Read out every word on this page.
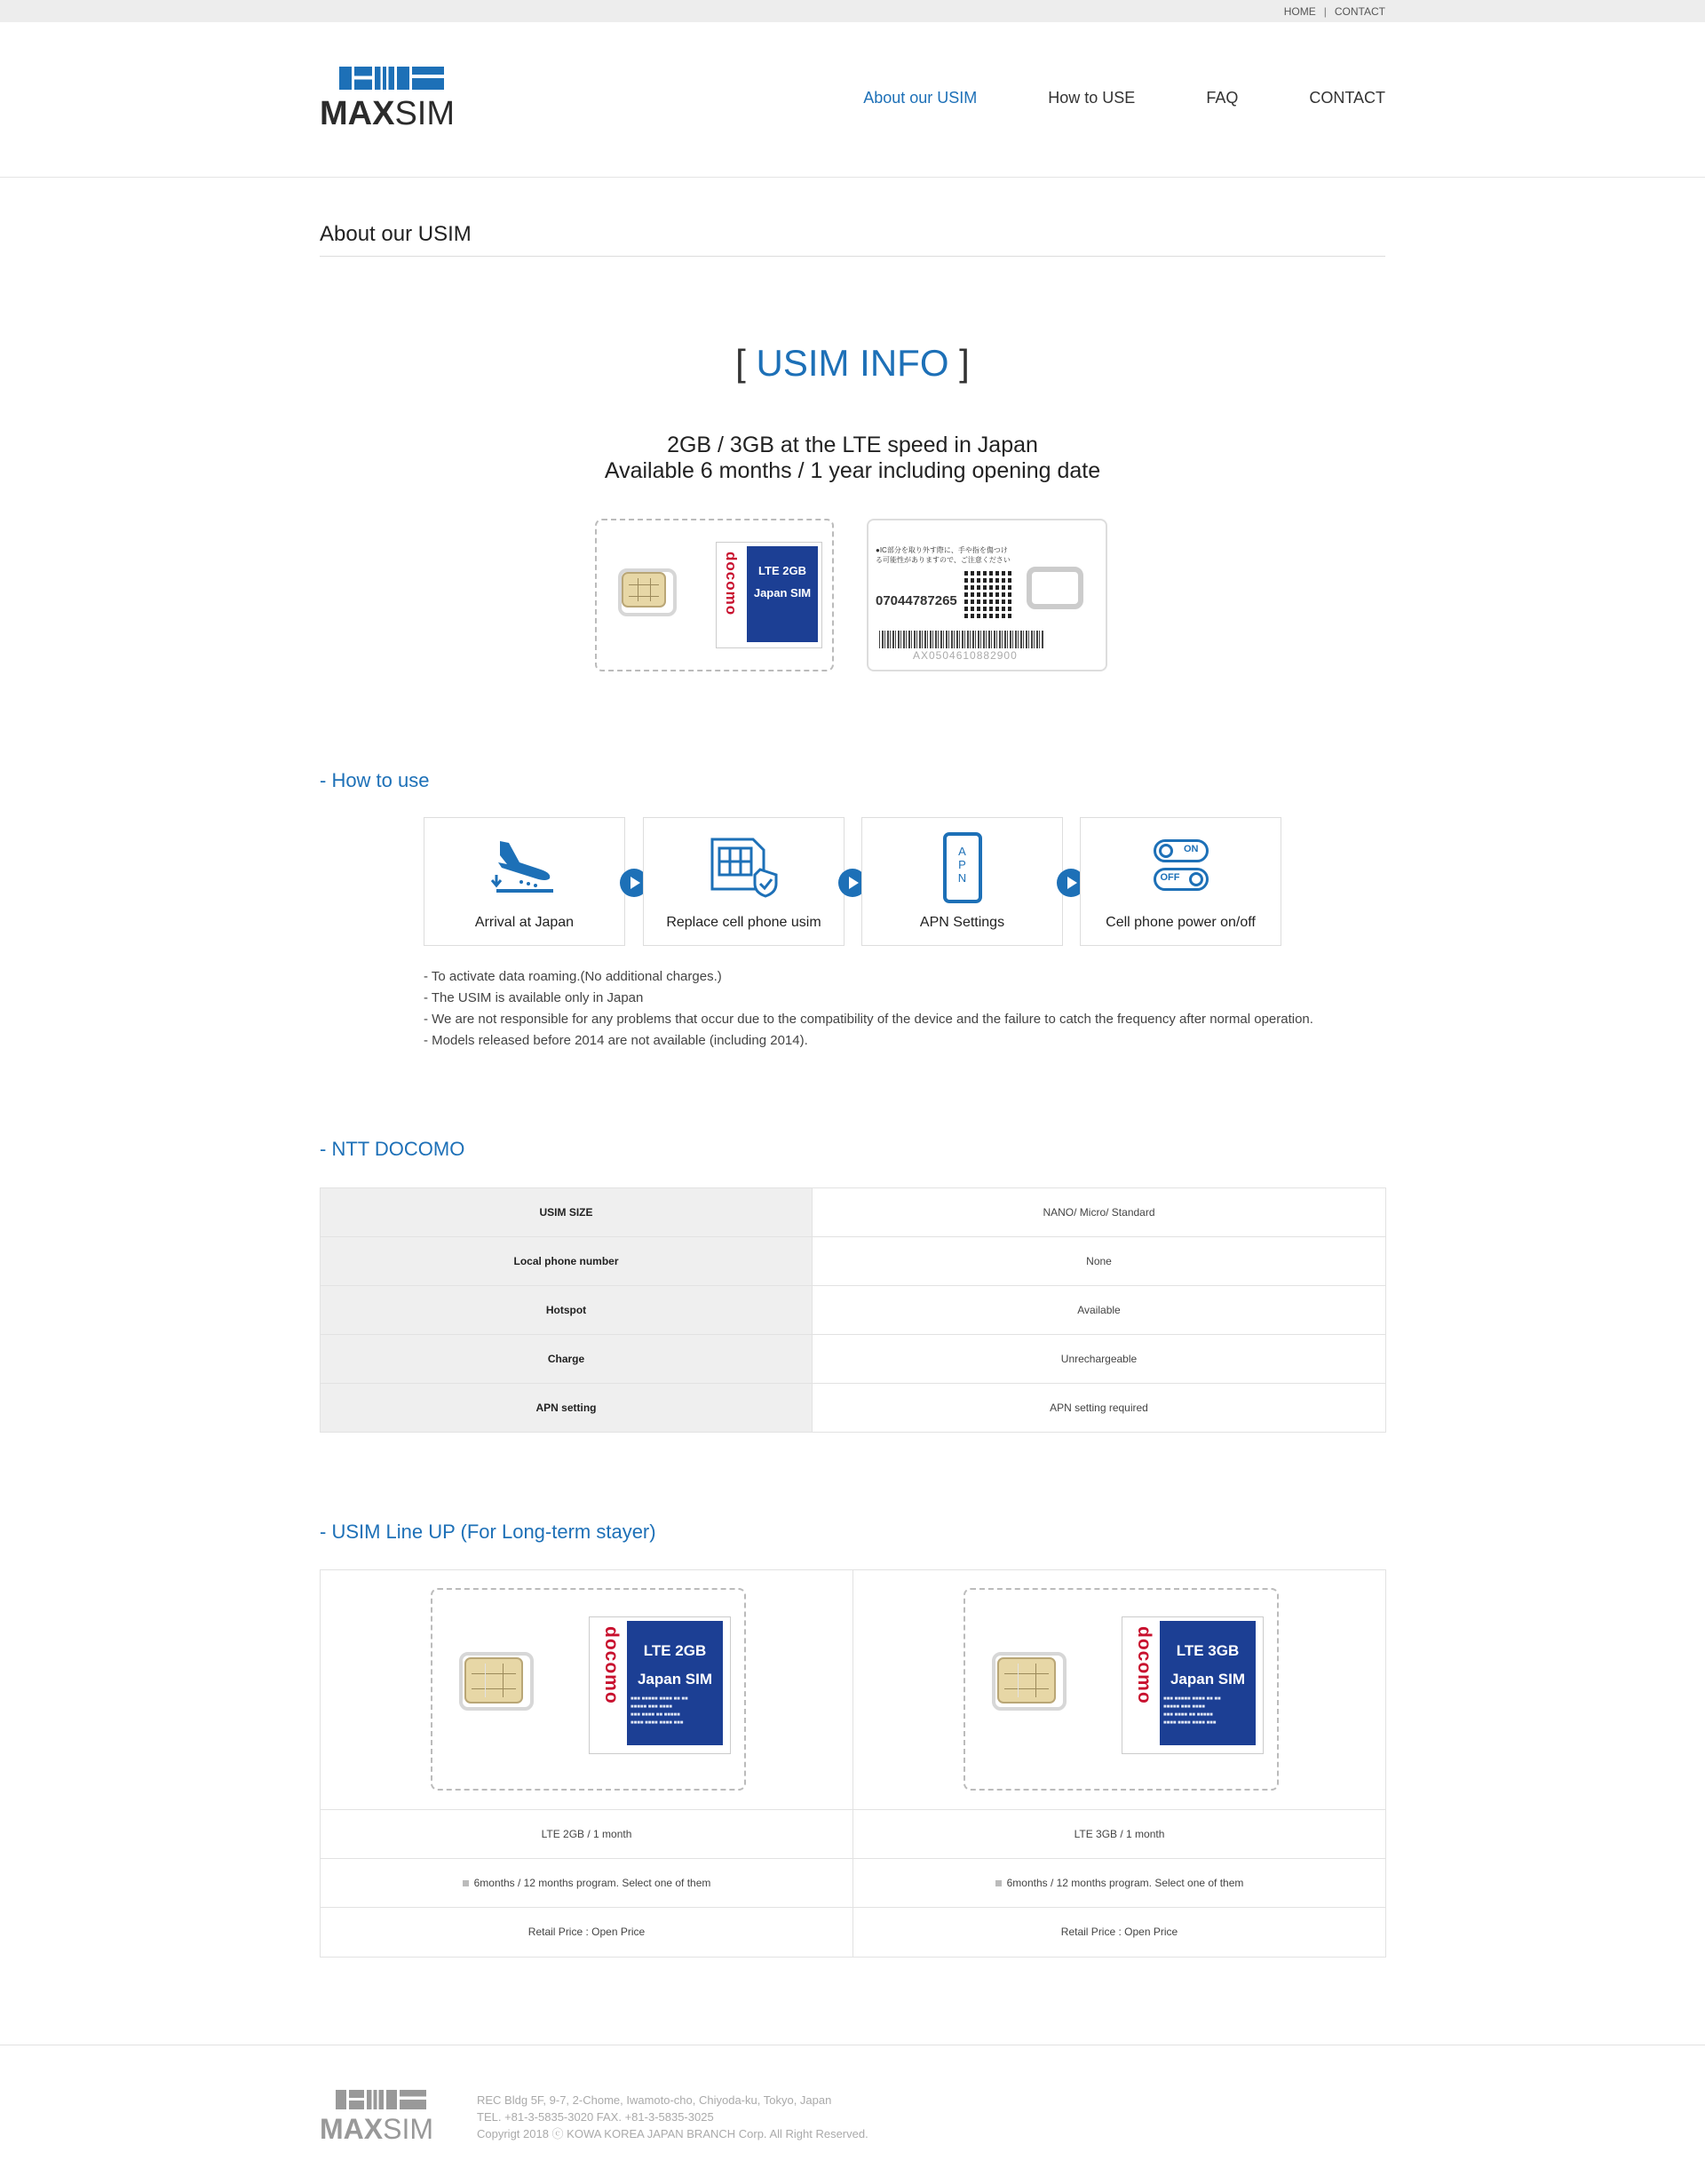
HOME | CONTACT
MAXSIM	About our USIM	How to USE	FAQ	CONTACT
About our USIM
[ USIM INFO ]
2GB / 3GB at the LTE speed in Japan
Available 6 months / 1 year including opening date
docomo	LTE 2GB
Japan SIM
●IC部分を取り外す際に、手や指を傷つけ
る可能性がありますので、ご注意ください
07044787265
AX0504610882900
- How to use
Arrival at Japan	Replace cell phone usim
A
P
N
APN Settings
ON
OFF
Cell phone power on/off
- To activate data roaming.(No additional charges.)
- The USIM is available only in Japan
- We are not responsible for any problems that occur due to the compatibility of the device and the failure to catch the frequency after normal operation.
- Models released before 2014 are not available (including 2014).
- NTT DOCOMO
USIM SIZE	NANO/ Micro/ Standard
Local phone number	None
Hotspot	Available
Charge	Unrechargeable
APN setting	APN setting required
- USIM Line UP (For Long-term stayer)
docomo	LTE 2GB
Japan SIM
■■■ ■■■■■ ■■■■ ■■ ■■
■■■■■ ■■■ ■■■■
■■■ ■■■■ ■■ ■■■■■
■■■■ ■■■■ ■■■■ ■■■
LTE 2GB / 1 month
6months / 12 months program. Select one of them
Retail Price : Open Price
docomo	LTE 3GB
Japan SIM
■■■ ■■■■■ ■■■■ ■■ ■■
■■■■■ ■■■ ■■■■
■■■ ■■■■ ■■ ■■■■■
■■■■ ■■■■ ■■■■ ■■■
LTE 3GB / 1 month
6months / 12 months program. Select one of them
Retail Price : Open Price
MAXSIM
REC Bldg 5F, 9-7, 2-Chome, Iwamoto-cho, Chiyoda-ku, Tokyo, Japan
TEL. +81-3-5835-3020 FAX. +81-3-5835-3025
Copyrigt 2018 ⓒ KOWA KOREA JAPAN BRANCH Corp. All Right Reserved.
